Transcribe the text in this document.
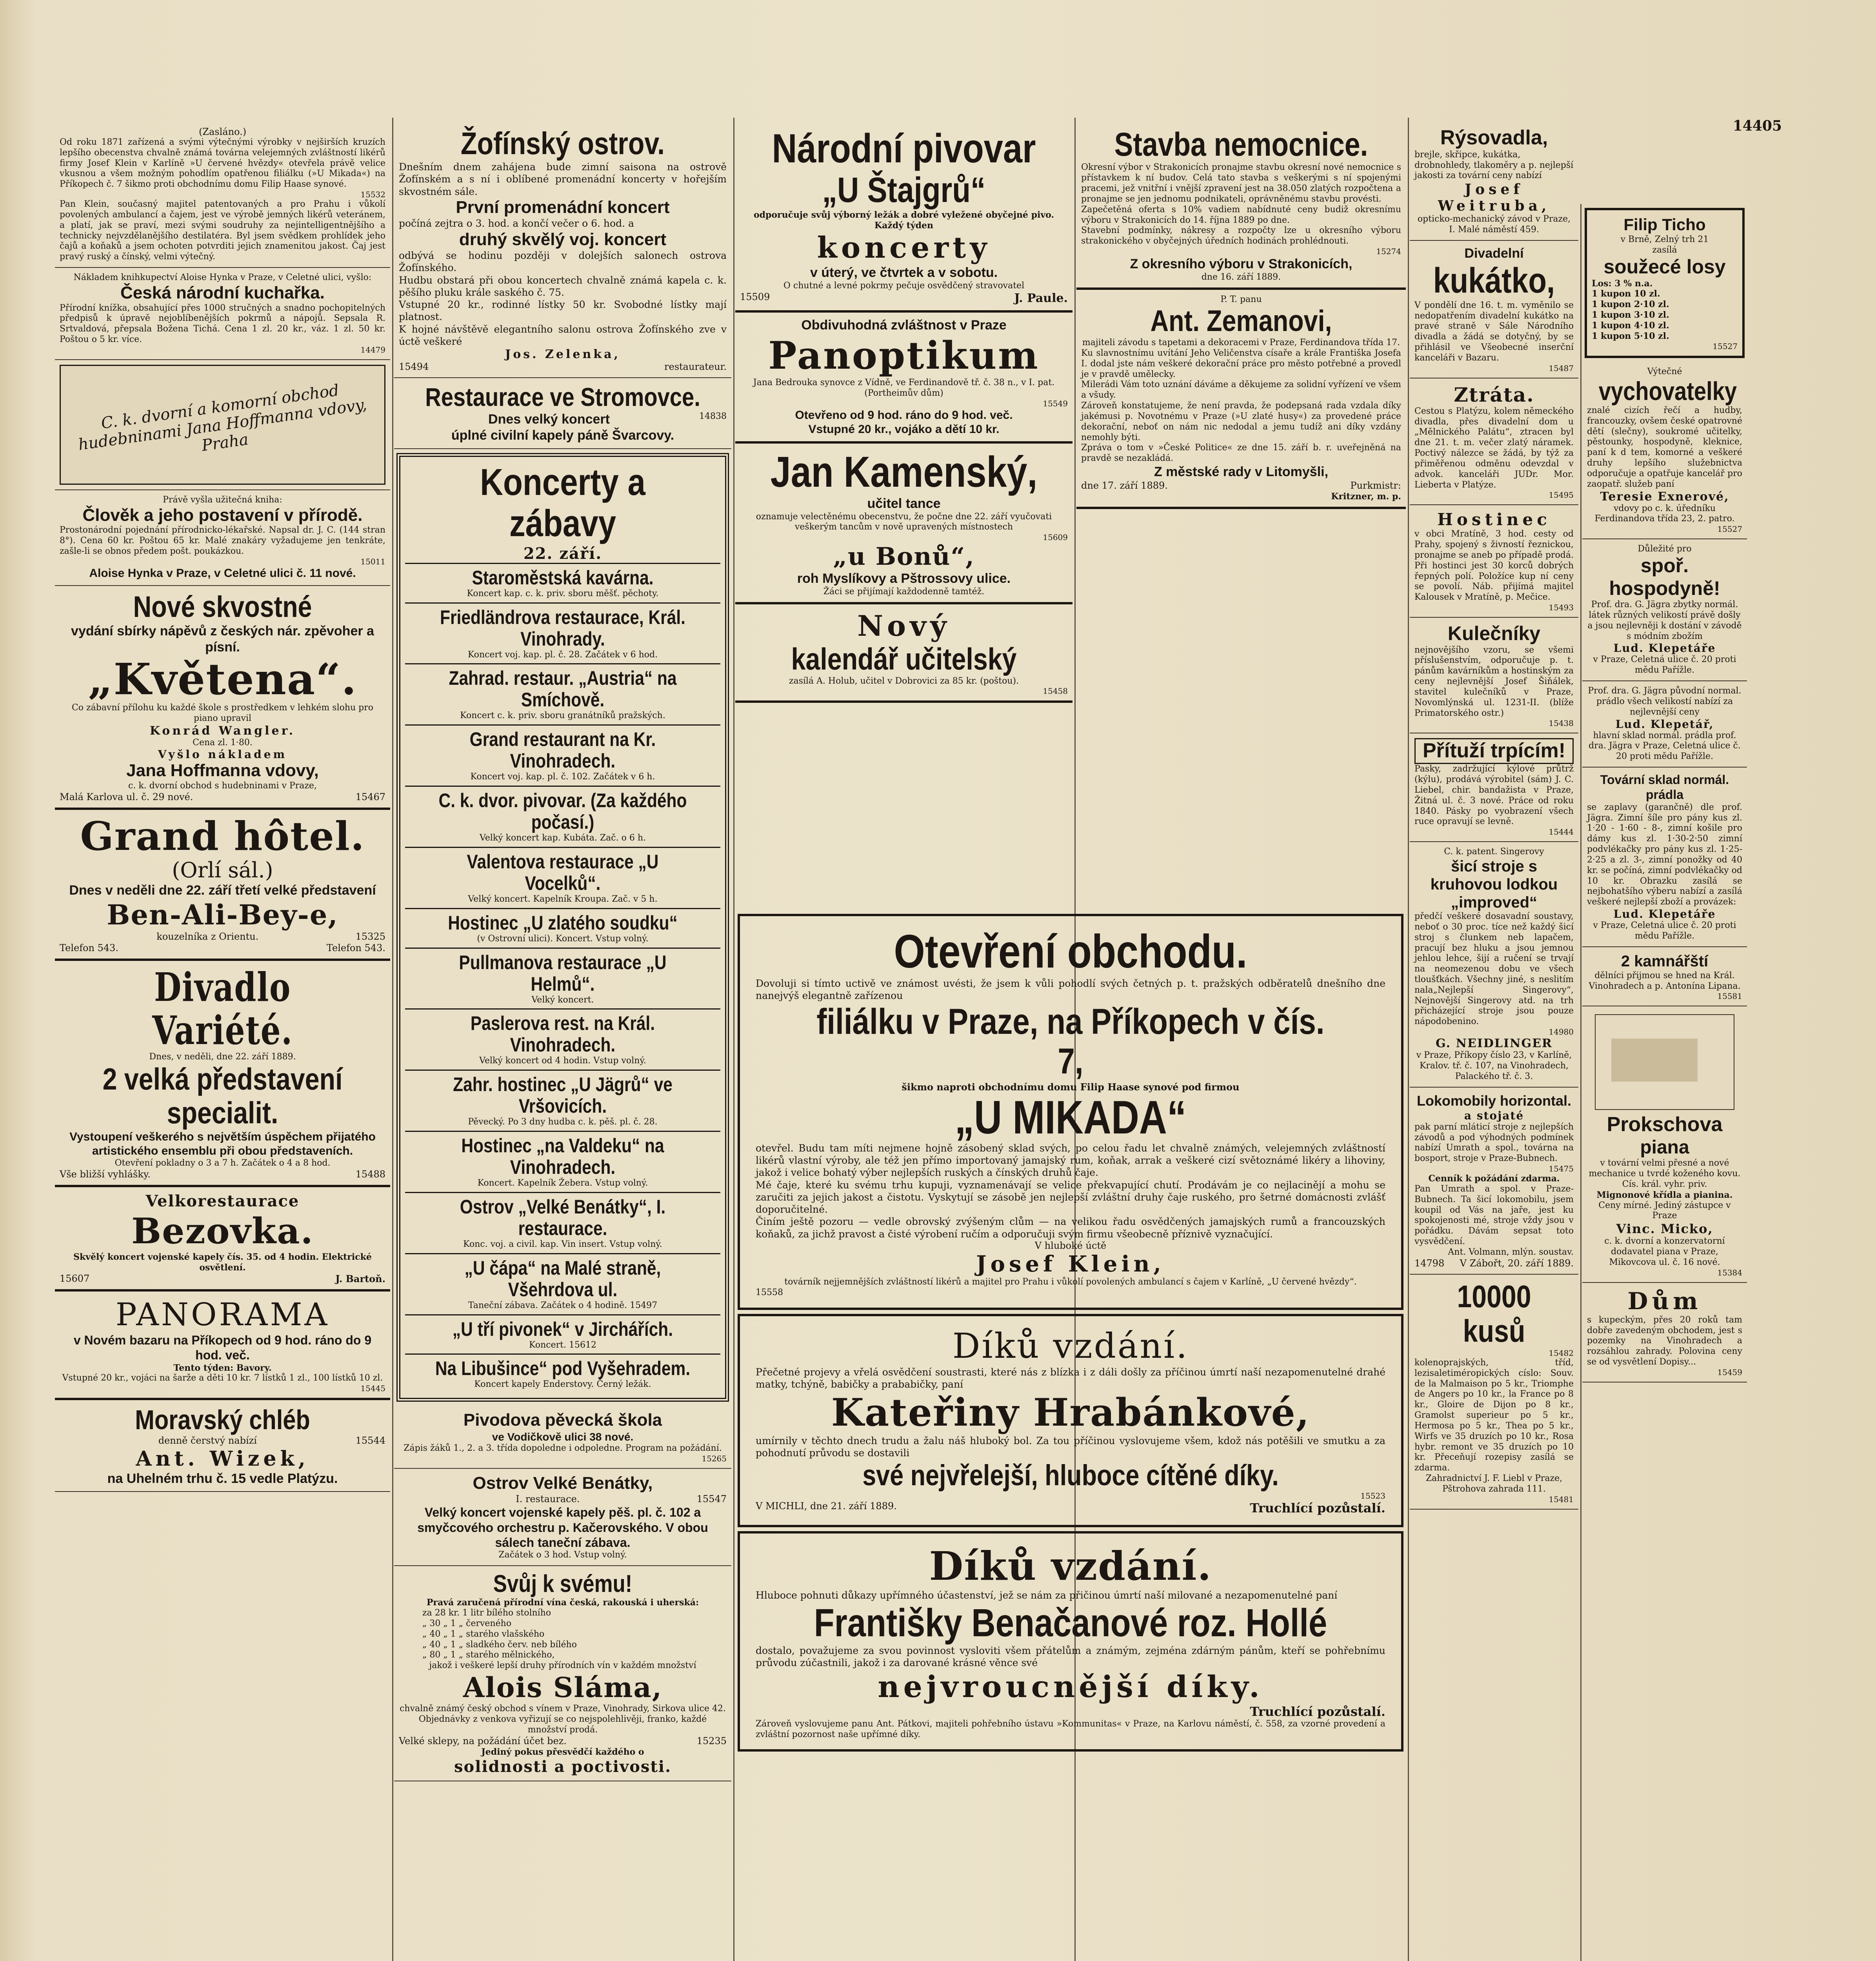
14405
(Zasláno.)
Od roku 1871 zařízená a svými výtečnými výrobky v nejširších kruzích lepšího obecenstva chvalně známá továrna velejemných zvláštností likérů firmy Josef Klein v Karlíně »U červené hvězdy« otevřela právě velice vkusnou a všem možným pohodlím opatřenou filiálku (»U Mikada«) na Příkopech č. 7 šikmo proti obchodnímu domu Filip Haase synové.
15532
Pan Klein, současný majitel patentovaných a pro Prahu i vůkolí povolených ambulancí a čajem, jest ve výrobě jemných likérů veteránem, a platí, jak se praví, mezi svými soudruhy za nejintelligentnějšího a technicky nejvzdělanějšího destilatéra. Byl jsem svědkem prohlídek jeho čajů a koňaků a jsem ochoten potvrditi jejich znamenitou jakost. Čaj jest pravý ruský a čínský, velmi výtečný.
Nákladem knihkupectví Aloise Hynka v Praze, v Celetné ulici, vyšlo:
Česká národní kuchařka.
Přírodní knížka, obsahující přes 1000 stručných a snadno pochopitelných předpisů k úpravě nejoblíbenějších pokrmů a nápojů. Sepsala R. Srtvaldová, přepsala Božena Tichá. Cena 1 zl. 20 kr., váz. 1 zl. 50 kr. Poštou o 5 kr. více.
14479
C. k. dvorní a komorní obchod hudebninami Jana Hoffmanna vdovy, Praha
Právě vyšla užitečná kniha:
Člověk a jeho postavení v přírodě.
Prostonárodní pojednání přírodnicko-lékařské. Napsal dr. J. C. (144 stran 8°). Cena 60 kr. Poštou 65 kr. Malé znakáry vyžadujeme jen tenkráte, zašle-li se obnos předem pošt. poukázkou.
15011
Aloise Hynka v Praze, v Celetné ulici č. 11 nové.
Nové skvostné
vydání sbírky nápěvů z českých nár. zpěvoher a písní.
„Květena“.
Co zábavní přílohu ku každé škole s prostředkem v lehkém slohu pro piano upravil
Konrád Wangler.
Cena zl. 1·80.
Vyšlo nákladem
Jana Hoffmanna vdovy,
c. k. dvorní obchod s hudebninami v Praze,
Malá Karlova ul. č. 29 nové.	15467
Grand hôtel.
(Orlí sál.)
Dnes v neděli dne 22. září třetí velké představení
Ben-Ali-Bey-e,
kouzelníka z Orientu.	15325
Telefon 543.	Telefon 543.
Divadlo Variété.
Dnes, v neděli, dne 22. září 1889.
2 velká představení specialit.
Vystoupení veškerého s největším úspěchem přijatého artistického ensemblu při obou představeních.
Otevření pokladny o 3 a 7 h. Začátek o 4 a 8 hod.
Vše bližší vyhlášky.	15488
Velkorestaurace
Bezovka.
Skvělý koncert vojenské kapely čís. 35. od 4 hodin. Elektrické osvětlení.
15607	J. Bartoň.
PANORAMA
v Novém bazaru na Příkopech od 9 hod. ráno do 9 hod. več.
Tento týden: Bavory.
Vstupné 20 kr., vojáci na šarže a děti 10 kr. 7 lístků 1 zl., 100 lístků 10 zl.
15445
Moravský chléb
denně čerstvý nabízí	15544
Ant. Wizek,
na Uhelném trhu č. 15 vedle Platýzu.
Žofínský ostrov.
Dnešním dnem zahájena bude zimní saisona na ostrově Žofínském a s ní i oblíbené promenádní koncerty v hořejším skvostném sále.
První promenádní koncert
počíná zejtra o 3. hod. a končí večer o 6. hod. a
druhý skvělý voj. koncert
odbývá se hodinu později v dolejších salonech ostrova Žofínského.
Hudbu obstará při obou koncertech chvalně známá kapela c. k. pěšího pluku krále saského č. 75.
Vstupné 20 kr., rodinné lístky 50 kr. Svobodné lístky mají platnost.
K hojné návštěvě elegantního salonu ostrova Žofínského zve v úctě veškeré
Jos. Zelenka,
15494	restaurateur.
Restaurace ve Stromovce.
Dnes velký koncert	14838
úplné civilní kapely páně Švarcovy.
Koncerty a zábavy
22. září.
Staroměstská kavárna.
Koncert kap. c. k. priv. sboru měšť. pěchoty.
Friedländrova restaurace, Král. Vinohrady.
Koncert voj. kap. pl. č. 28. Začátek v 6 hod.
Zahrad. restaur. „Austria“ na Smíchově.
Koncert c. k. priv. sboru granátníků pražských.
Grand restaurant na Kr. Vinohradech.
Koncert voj. kap. pl. č. 102. Začátek v 6 h.
C. k. dvor. pivovar. (Za každého počasí.)
Velký koncert kap. Kubáta. Zač. o 6 h.
Valentova restaurace „U Vocelků“.
Velký koncert. Kapelník Kroupa. Zač. v 5 h.
Hostinec „U zlatého soudku“
(v Ostrovní ulici). Koncert. Vstup volný.
Pullmanova restaurace „U Helmů“.
Velký koncert.
Paslerova rest. na Král. Vinohradech.
Velký koncert od 4 hodin. Vstup volný.
Zahr. hostinec „U Jägrů“ ve Vršovicích.
Pěvecký. Po 3 dny hudba c. k. pěš. pl. č. 28.
Hostinec „na Valdeku“ na Vinohradech.
Koncert. Kapelník Žebera. Vstup volný.
Ostrov „Velké Benátky“, I. restaurace.
Konc. voj. a civil. kap. Vin insert. Vstup volný.
„U čápa“ na Malé straně, Všehrdova ul.
Taneční zábava. Začátek o 4 hodině. 15497
„U tří pivonek“ v Jirchářích.
Koncert. 15612
Na Libušince“ pod Vyšehradem.
Koncert kapely Enderstovy. Černý ležák.
Pivodova pěvecká škola
ve Vodičkově ulici 38 nové.
Zápis žáků 1., 2. a 3. třída dopoledne i odpoledne. Program na požádání.
15265
Ostrov Velké Benátky,
I. restaurace.	15547
Velký koncert vojenské kapely pěš. pl. č. 102 a smyčcového orchestru p. Kačerovského. V obou sálech taneční zábava.
Začátek o 3 hod. Vstup volný.
Svůj k svému!
Pravá zaručená přírodní vína česká, rakouská i uherská:
za 28 kr. 1 litr bílého stolního
„ 30 „ 1 „ červeného
„ 40 „ 1 „ starého vlašského
„ 40 „ 1 „ sladkého červ. neb bílého
„ 80 „ 1 „ starého mělnického,
jakož i veškeré lepší druhy přírodních vín v každém množství
Alois Sláma,
chvalně známý český obchod s vínem v Praze, Vinohrady, Sirkova ulice 42.
Objednávky z venkova vyřizují se co nejspolehlivěji, franko, každé množství prodá.
Velké sklepy, na požádání účet bez.	15235
Jediný pokus přesvědčí každého o
solidnosti a poctivosti.
Národní pivovar
„U Štajgrů“
odporučuje svůj výborný ležák a dobré vyležené obyčejné pivo. Každý týden
koncerty
v úterý, ve čtvrtek a v sobotu.
O chutné a levné pokrmy pečuje osvědčený stravovatel
15509	J. Paule.
Obdivuhodná zvláštnost v Praze
Panoptikum
Jana Bedrouka synovce z Vídně, ve Ferdinandově tř. č. 38 n., v I. pat. (Portheimův dům)
15549
Otevřeno od 9 hod. ráno do 9 hod. več.
Vstupné 20 kr., vojáko a dětí 10 kr.
Jan Kamenský,
učitel tance
oznamuje velectěnému obecenstvu, že počne dne 22. září vyučovati veškerým tancům v nově upravených místnostech
15609
„u Bonů“,
roh Myslíkovy a Pštrossovy ulice.
Žáci se přijímají každodenně tamtéž.
Nový
kalendář učitelský
zasílá A. Holub, učitel v Dobrovici za 85 kr. (poštou).
15458
Stavba nemocnice.
Okresní výbor v Strakonicích pronajme stavbu okresní nové nemocnice s přístavkem k ní budov. Celá tato stavba s veškerými s ní spojenými pracemi, jež vnitřní i vnější zpravení jest na 38.050 zlatých rozpočtena a pronajme se jen jednomu podnikateli, oprávněnému stavbu provésti.
Zapečetěná oferta s 10% vadiem nabídnuté ceny budiž okresnímu výboru v Strakonicích do 14. října 1889 po dne.
Stavební podmínky, nákresy a rozpočty lze u okresního výboru strakonického v obyčejných úředních hodinách prohlédnouti.
15274
Z okresního výboru v Strakonicích,
dne 16. září 1889.
P. T. panu
Ant. Zemanovi,
majiteli závodu s tapetami a dekoracemi v Praze, Ferdinandova třída 17.
Ku slavnostnímu uvítání Jeho Veličenstva císaře a krále Františka Josefa I. dodal jste nám veškeré dekorační práce pro město potřebné a provedl je v pravdě umělecky.
Milerádi Vám toto uznání dáváme a děkujeme za solidní vyřízení ve všem a všudy.
Zároveň konstatujeme, že není pravda, že podepsaná rada vzdala díky jakémusi p. Novotnému v Praze (»U zlaté husy«) za provedené práce dekorační, neboť on nám nic nedodal a jemu tudíž ani díky vzdány nemohly býti.
Zpráva o tom v »České Politice« ze dne 15. září b. r. uveřejněná na pravdě se nezakládá.
Z městské rady v Litomyšli,
dne 17. září 1889.	Purkmistr:
Kritzner, m. p.
Otevření obchodu.
Dovoluji si tímto uctivě ve známost uvésti, že jsem k vůli pohodlí svých četných p. t. pražských odběratelů dnešního dne nanejvýš elegantně zařízenou
filiálku v Praze, na Příkopech v čís. 7,
šikmo naproti obchodnímu domu Filip Haase synové pod firmou
„U MIKADA“
otevřel. Budu tam míti nejmene hojně zásobený sklad svých, po celou řadu let chvalně známých, velejemných zvláštností likérů vlastní výroby, ale též jen přímo importovaný jamajský rum, koňak, arrak a veškeré cizí světoznámé likéry a lihoviny, jakož i velice bohatý výber nejlepších ruských a čínských druhů čaje.
Mé čaje, které ku svému trhu kupuji, vyznamenávají se velice překvapující chutí. Prodávám je co nejlacinějí a mohu se zaručiti za jejich jakost a čistotu. Vyskytují se zásobě jen nejlepší zvláštní druhy čaje ruského, pro šetrné domácnosti zvlášť doporučitelné.
Činím ještě pozoru — vedle obrovský zvýšeným clům — na velikou řadu osvědčených jamajských rumů a francouzských koňaků, za jichž pravost a čisté výrobení ručím a odporučuji svým firmu všeobecně příznivě vyznačující.
V hluboké úctě
Josef Klein,
továrník nejjemnějších zvláštností likérů a majitel pro Prahu i vůkolí povolených ambulancí s čajem v Karlíně, „U červené hvězdy“.
15558
Díků vzdání.
Přečetné projevy a vřelá osvědčení soustrasti, které nás z blízka i z dáli došly za příčinou úmrtí naší nezapomenutelné drahé matky, tchýně, babičky a prababičky, paní
Kateřiny Hrabánkové,
umírnily v těchto dnech trudu a žalu náš hluboký bol. Za tou příčinou vyslovujeme všem, kdož nás potěšili ve smutku a za pohodnutí průvodu se dostavili
své nejvřelejší, hluboce cítěné díky.
15523
V MICHLI, dne 21. září 1889.	Truchlící pozůstalí.
Díků vzdání.
Hluboce pohnuti důkazy upřímného účastenství, jež se nám za přičinou úmrtí naší milované a nezapomenutelné paní
Františky Benačanové roz. Hollé
dostalo, považujeme za svou povinnost vysloviti všem přátelům a známým, zejména zdárným pánům, kteří se pohřebnímu průvodu zúčastnili, jakož i za darované krásné věnce své
nejvroucnější díky.
Truchlící pozůstalí.
Zároveň vyslovujeme panu Ant. Pátkovi, majiteli pohřebního ústavu »Kommunitas« v Praze, na Karlovu náměstí, č. 558, za vzorné provedení a zvláštní pozornost naše upřímné díky.
Rýsovadla,
brejle, skřipce, kukátka, drobnohledy, tlakoměry a p. nejlepší jakosti za tovární ceny nabízí
Josef Weitruba,
opticko-mechanický závod v Praze, I. Malé náměstí 459.
Divadelní
kukátko,
V pondělí dne 16. t. m. vyměnilo se nedopatřením divadelní kukátko na pravé straně v Sále Národního divadla a žádá se dotyčný, by se přihlásil ve Všeobecné inserční kanceláři v Bazaru.
15487
Ztráta.
Cestou s Platýzu, kolem německého divadla, přes divadelní dom u „Mělnického Palátu“, ztracen byl dne 21. t. m. večer zlatý náramek. Poctivý nálezce se žádá, by týž za přiměřenou odměnu odevzdal v advok. kanceláři JUDr. Mor. Lieberta v Platýze.
15495
Hostinec
v obci Mratíně, 3 hod. cesty od Prahy, spojený s živností řeznickou, pronajme se aneb po případě prodá. Při hostinci jest 30 korců dobrých řepných polí. Položíce kup ní ceny se povolí. Náb. přijímá majitel Kalousek v Mratíně, p. Mečice.
15493
Kulečníky
nejnovějšího vzoru, se všemi příslušenstvím, odporučuje p. t. pánům kavárníkům a hostinským za ceny nejlevnější Josef Šiňálek, stavitel kulečníků v Praze, Novomlýnská ul. 1231-II. (blíže Primatorského ostr.)
15438
Přítuží trpícím!
Pasky, zadržující kýlové průtrž (kýlu), prodává výrobitel (sám) J. C. Liebel, chir. bandažista v Praze, Žitná ul. č. 3 nové. Práce od roku 1840. Pásky po vyobrazení všech ruce opravují se levně.
15444
C. k. patent. Singerovy
šicí stroje s kruhovou lodkou „improved“
předčí veškeré dosavadní soustavy, neboť o 30 proc. tíce než každý šicí stroj s člunkem neb lapačem, pracují bez hluku a jsou jemnou jehlou lehce, šijí a ručení se trvají na neomezenou dobu ve všech tloušťkách. Všechny jiné, s neslitím nala„Nejlepší Singerovy“, Nejnovější Singerovy atd. na trh přicházející stroje jsou pouze nápodobenino.
14980
G. NEIDLINGER
v Praze, Příkopy číslo 23, v Karlíně, Kralov. tř. č. 107, na Vinohradech, Palackého tř. č. 3.
Lokomobily horizontal.
a stojaté
pak parní mláticí stroje z nejlepších závodů a pod výhodných podmínek nabízí Umrath a spol., továrna na bosport, stroje v Praze-Bubnech.
15475
Cenník k požádání zdarma.
Pan Umrath a spol. v Praze-Bubnech. Ta šicí lokomobilu, jsem koupil od Vás na jaře, jest ku spokojenosti mé, stroje vždy jsou v pořádku. Dávám sepsat toto vysvědčení.
Ant. Volmann, mlýn. soustav.
14798 V Zábořt, 20. září 1889.
10000 kusů
15482
kolenoprajských, tříd, lezisaletiméropických císlo: Souv. de la Malmaison po 5 kr., Triomphe de Angers po 10 kr., la France po 8 kr., Gloire de Dijon po 8 kr., Gramolst superieur po 5 kr., Hermosa po 5 kr., Thea po 5 kr., Wirfs ve 35 druzích po 10 kr., Rosa hybr. remont ve 35 druzích po 10 kr. Přeceňují rozepisy zasílá se zdarma.
Zahradnictví J. F. Liebl v Praze, Pštrohova zahrada 111.
15481
Filip Ticho
v Brně, Zelný trh 21
zasílá
soužecé losy
Los: 3 % n.a.
1 kupon 10 zl.
1 kupon 2·10 zl.
1 kupon 3·10 zl.
1 kupon 4·10 zl.
1 kupon 5·10 zl.
15527
Výtečné
vychovatelky
znalé cizích řečí a hudby, francouzky, ovšem české opatrovné dětí (slečny), soukromé učitelky, pěstounky, hospodyně, kleknice, paní k d tem, komorné a veškeré druhy lepšího služebnictva odporučuje a opatřuje kancelář pro zaopatř. služeb paní
Teresie Exnerové,
vdovy po c. k. úředníku Ferdinandova třída 23, 2. patro.
15527
Důležité pro
spoř. hospodyně!
Prof. dra. G. Jägra zbytky normál. látek různých velikostí právě došly a jsou nejlevněji k dostání v závodě s módním zbožím
Lud. Klepetáře
v Praze, Celetná ulice č. 20 proti mědu Pařížle.
Prof. dra. G. Jägra původní normal. prádlo všech velikostí nabízí za nejlevnější ceny
Lud. Klepetář,
hlavní sklad normál. prádla prof. dra. Jägra v Praze, Celetná ulice č. 20 proti mědu Pařížle.
Tovární sklad normál. prádla
se zaplavy (garančně) dle prof. Jägra. Zimní šíle pro pány kus zl. 1·20 - 1·60 - 8-, zimní košile pro dámy kus zl. 1·30-2·50 zimní podvlékačky pro pány kus zl. 1·25-2·25 a zl. 3-, zimní ponožky od 40 kr. se počíná, zimní podvlékačky od 10 kr. Obrazku zasílá se nejbohatšího výberu nabízí a zasílá veškeré nejlepší zboží a provázek:
Lud. Klepetáře
v Praze, Celetná ulice č. 20 proti mědu Pařížle.
2 kamnářští
dělníci přijmou se hned na Král. Vinohradech a p. Antonína Lipana.
15581
Prokschova
piana
v tovární velmi přesné a nové mechanice u tvrdé koženého kovu. Cís. král. vyhr. priv.
Mignonové křídla a pianina.
Ceny mírné. Jediný zástupce v Praze
Vinc. Micko,
c. k. dvorní a konzervatorní dodavatel piana v Praze, Mikovcova ul. č. 16 nové.
15384
Dům
s kupeckým, přes 20 roků tam dobře zavedeným obchodem, jest s pozemky na Vinohradech a rozsáhlou zahrady. Polovina ceny se od vysvětlení Dopisy...
15459
